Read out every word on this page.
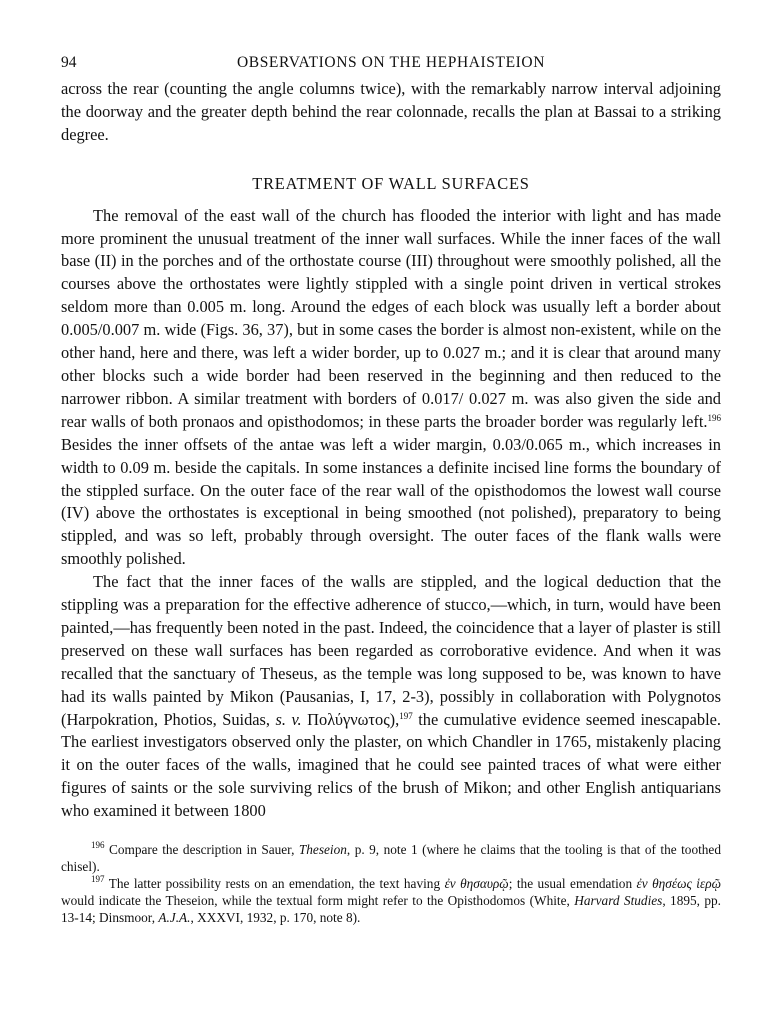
94	OBSERVATIONS ON THE HEPHAISTEION

across the rear (counting the angle columns twice), with the remarkably narrow interval adjoining the doorway and the greater depth behind the rear colonnade, recalls the plan at Bassai to a striking degree.

TREATMENT OF WALL SURFACES

The removal of the east wall of the church has flooded the interior with light and has made more prominent the unusual treatment of the inner wall surfaces. While the inner faces of the wall base (II) in the porches and of the orthostate course (III) throughout were smoothly polished, all the courses above the orthostates were lightly stippled with a single point driven in vertical strokes seldom more than 0.005 m. long. Around the edges of each block was usually left a border about 0.005/0.007 m. wide (Figs. 36, 37), but in some cases the border is almost non-existent, while on the other hand, here and there, was left a wider border, up to 0.027 m.; and it is clear that around many other blocks such a wide border had been reserved in the beginning and then reduced to the narrower ribbon. A similar treatment with borders of 0.017/ 0.027 m. was also given the side and rear walls of both pronaos and opisthodomos; in these parts the broader border was regularly left.$^{196}$ Besides the inner offsets of the antae was left a wider margin, 0.03/0.065 m., which increases in width to 0.09 m. beside the capitals. In some instances a definite incised line forms the boundary of the stippled surface. On the outer face of the rear wall of the opisthodomos the lowest wall course (IV) above the orthostates is exceptional in being smoothed (not polished), preparatory to being stippled, and was so left, probably through oversight. The outer faces of the flank walls were smoothly polished.

The fact that the inner faces of the walls are stippled, and the logical deduction that the stippling was a preparation for the effective adherence of stucco,—which, in turn, would have been painted,—has frequently been noted in the past. Indeed, the coincidence that a layer of plaster is still preserved on these wall surfaces has been regarded as corroborative evidence. And when it was recalled that the sanctuary of Theseus, as the temple was long supposed to be, was known to have had its walls painted by Mikon (Pausanias, I, 17, 2-3), possibly in collaboration with Polygnotos (Harpokration, Photios, Suidas, s. v. Πολύγνωτος),$^{197}$ the cumulative evidence seemed inescapable. The earliest investigators observed only the plaster, on which Chandler in 1765, mistakenly placing it on the outer faces of the walls, imagined that he could see painted traces of what were either figures of saints or the sole surviving relics of the brush of Mikon; and other English antiquarians who examined it between 1800

$^{196}$ Compare the description in Sauer, Theseion, p. 9, note 1 (where he claims that the tooling is that of the toothed chisel).

$^{197}$ The latter possibility rests on an emendation, the text having ἐν θησαυρῷ; the usual emendation ἐν θησέως ἱερῷ would indicate the Theseion, while the textual form might refer to the Opisthodomos (White, Harvard Studies, 1895, pp. 13-14; Dinsmoor, A.J.A., XXXVI, 1932, p. 170, note 8).
